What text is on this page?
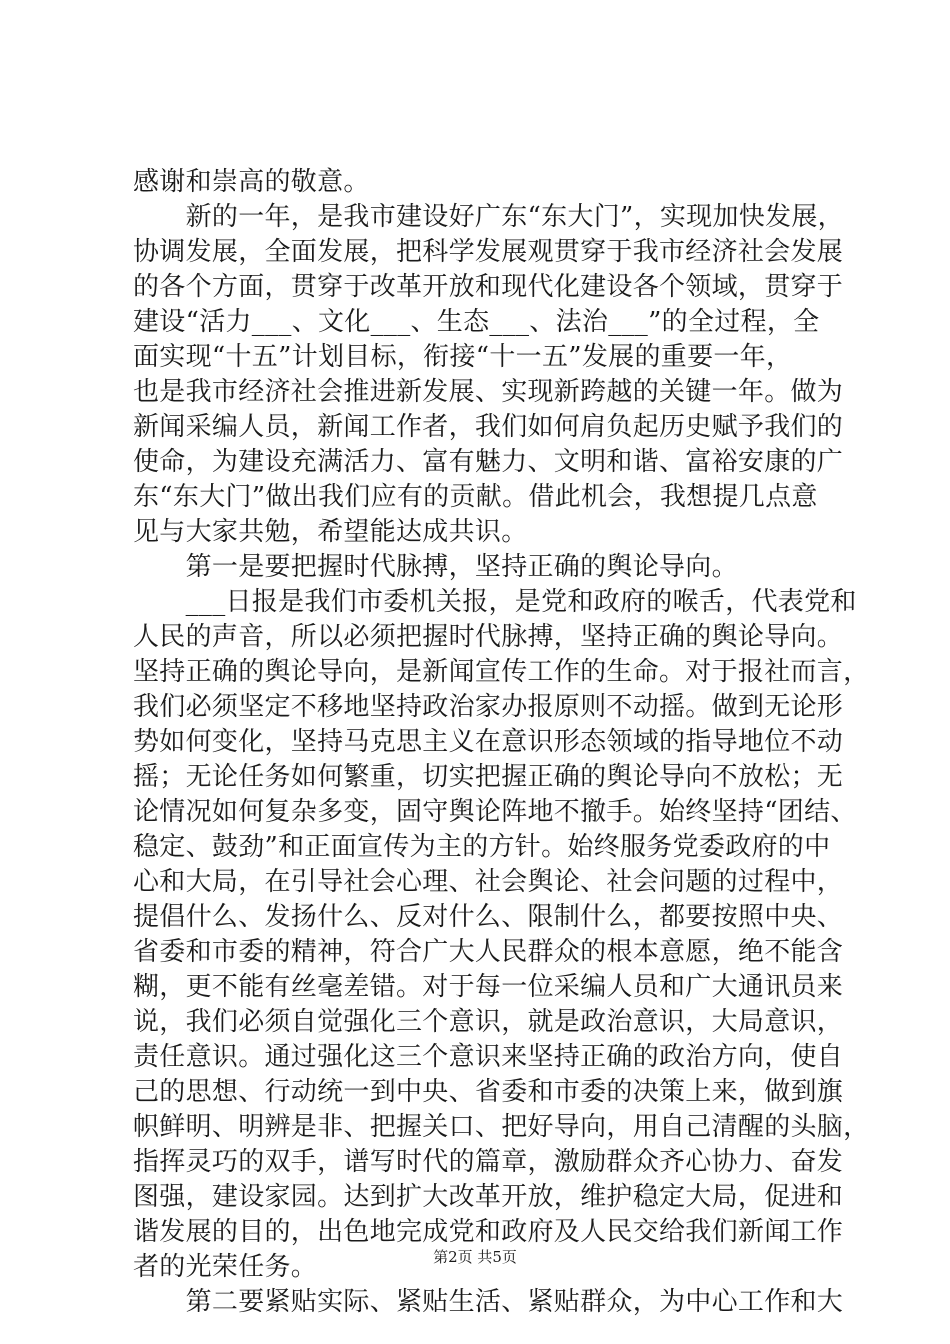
感谢和崇高的敬意。
　　新的一年，是我市建设好广东“东大门”，实现加快发展，
协调发展，全面发展，把科学发展观贯穿于我市经济社会发展
的各个方面，贯穿于改革开放和现代化建设各个领域，贯穿于
建设“活力___、文化___、生态___、法治___”的全过程，全
面实现“十五”计划目标，衔接“十一五”发展的重要一年，
也是我市经济社会推进新发展、实现新跨越的关键一年。做为
新闻采编人员，新闻工作者，我们如何肩负起历史赋予我们的
使命，为建设充满活力、富有魅力、文明和谐、富裕安康的广
东“东大门”做出我们应有的贡献。借此机会，我想提几点意
见与大家共勉，希望能达成共识。
　　第一是要把握时代脉搏，坚持正确的舆论导向。
　　___日报是我们市委机关报，是党和政府的喉舌，代表党和
人民的声音，所以必须把握时代脉搏，坚持正确的舆论导向。
坚持正确的舆论导向，是新闻宣传工作的生命。对于报社而言，
我们必须坚定不移地坚持政治家办报原则不动摇。做到无论形
势如何变化，坚持马克思主义在意识形态领域的指导地位不动
摇；无论任务如何繁重，切实把握正确的舆论导向不放松；无
论情况如何复杂多变，固守舆论阵地不撤手。始终坚持“团结、
稳定、鼓劲”和正面宣传为主的方针。始终服务党委政府的中
心和大局，在引导社会心理、社会舆论、社会问题的过程中，
提倡什么、发扬什么、反对什么、限制什么，都要按照中央、
省委和市委的精神，符合广大人民群众的根本意愿，绝不能含
糊，更不能有丝毫差错。对于每一位采编人员和广大通讯员来
说，我们必须自觉强化三个意识，就是政治意识，大局意识，
责任意识。通过强化这三个意识来坚持正确的政治方向，使自
己的思想、行动统一到中央、省委和市委的决策上来，做到旗
帜鲜明、明辨是非、把握关口、把好导向，用自己清醒的头脑，
指挥灵巧的双手，谱写时代的篇章，激励群众齐心协力、奋发
图强，建设家园。达到扩大改革开放，维护稳定大局，促进和
谐发展的目的，出色地完成党和政府及人民交给我们新闻工作
者的光荣任务。
　　第二要紧贴实际、紧贴生活、紧贴群众，为中心工作和大
第2页 共5页
